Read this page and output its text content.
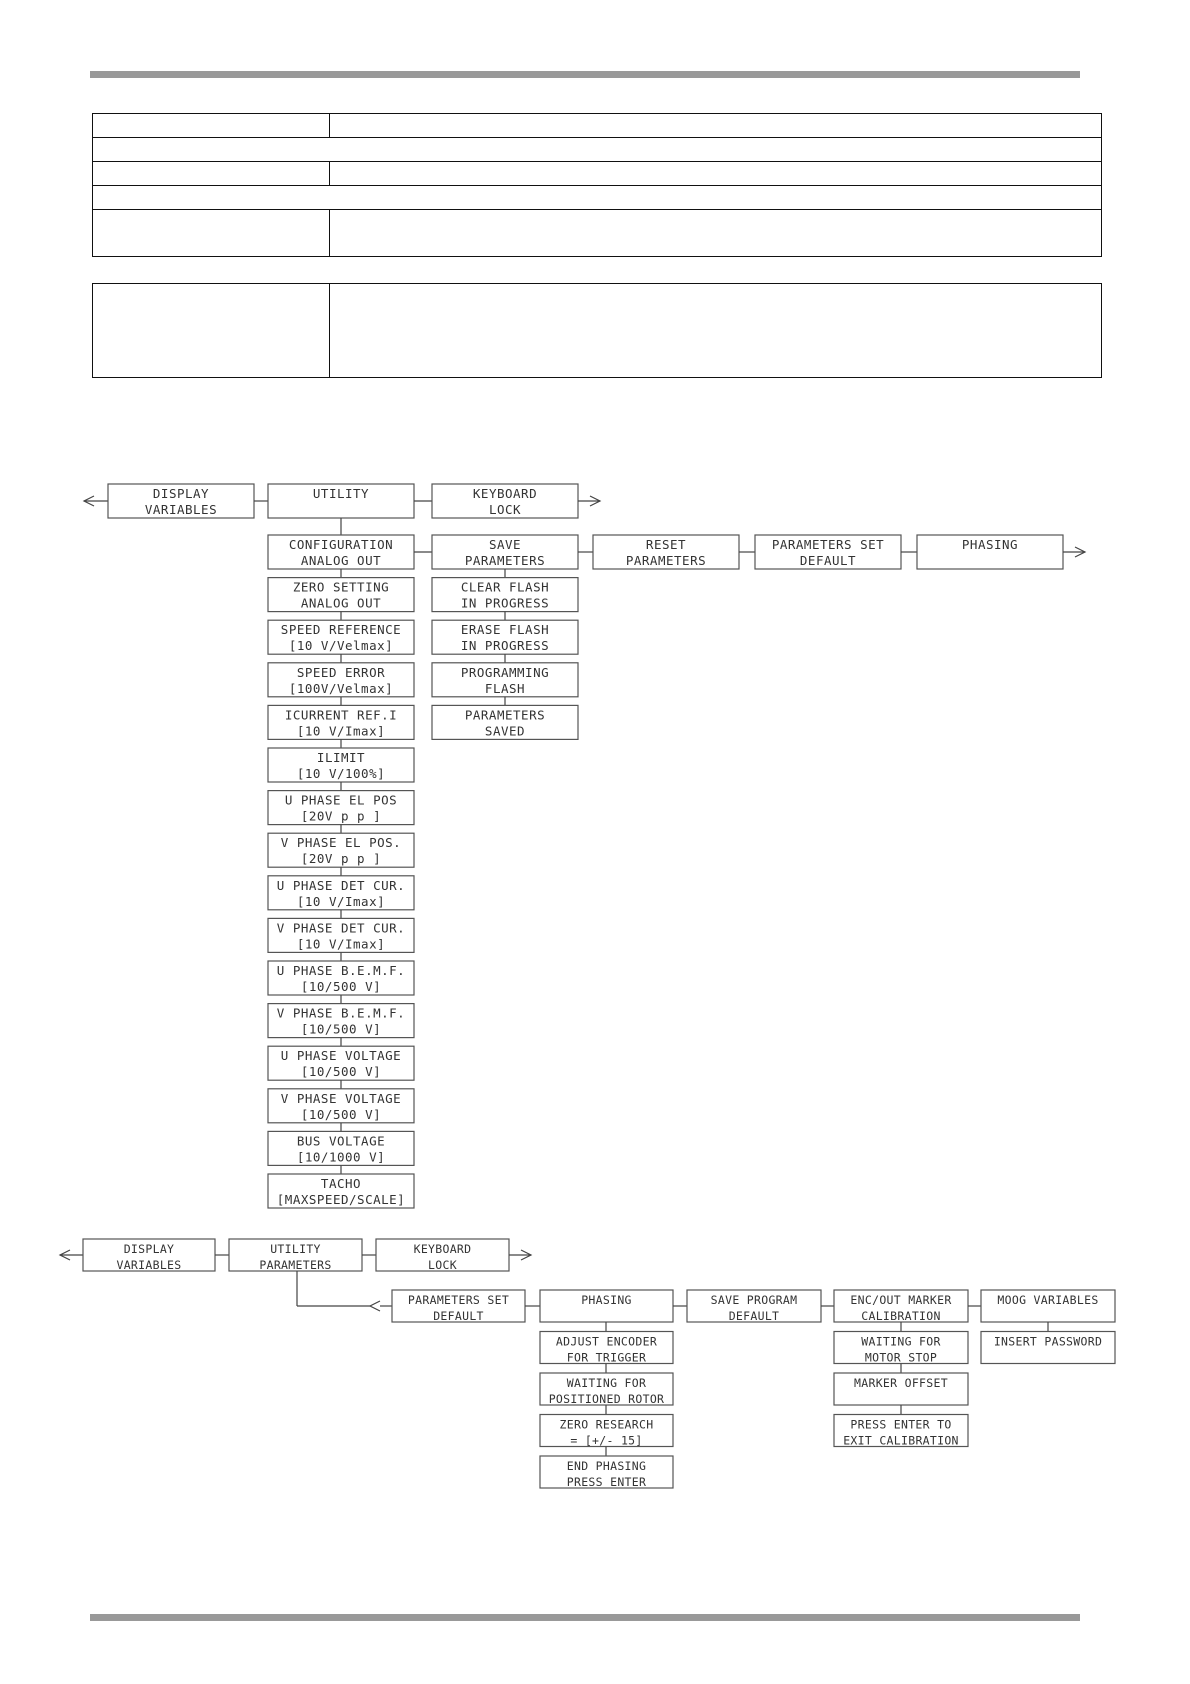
DISPLAY
VARIABLES
UTILITY	KEYBOARD
LOCK
CONFIGURATION
ANALOG OUT
ZERO SETTING
ANALOG OUT
SPEED REFERENCE
[10 V/Velmax]
SPEED ERROR
[100V/Velmax]
ICURRENT REF.I
[10 V/Imax]
ILIMIT
[10 V/100%]
U PHASE EL POS
[20V p p ]
V PHASE EL POS.
[20V p p ]
U PHASE DET CUR.
[10 V/Imax]
V PHASE DET CUR.
[10 V/Imax]
U PHASE B.E.M.F.
[10/500 V]
V PHASE B.E.M.F.
[10/500 V]
U PHASE VOLTAGE
[10/500 V]
V PHASE VOLTAGE
[10/500 V]
BUS VOLTAGE
[10/1000 V]
TACHO
[MAXSPEED/SCALE]
SAVE
PARAMETERS
RESET
PARAMETERS
PARAMETERS SET
DEFAULT
PHASING
CLEAR FLASH
IN PROGRESS
ERASE FLASH
IN PROGRESS
PROGRAMMING
FLASH
PARAMETERS
SAVED
DISPLAY
VARIABLES
UTILITY
PARAMETERS
KEYBOARD
LOCK
PARAMETERS SET
DEFAULT
PHASING	SAVE PROGRAM
DEFAULT
ENC/OUT MARKER
CALIBRATION
MOOG VARIABLES
ADJUST ENCODER
FOR TRIGGER
WAITING FOR
POSITIONED ROTOR
ZERO RESEARCH
= [+/- 15]
END PHASING
PRESS ENTER
WAITING FOR
MOTOR STOP
MARKER OFFSET
PRESS ENTER TO
EXIT CALIBRATION
INSERT PASSWORD
